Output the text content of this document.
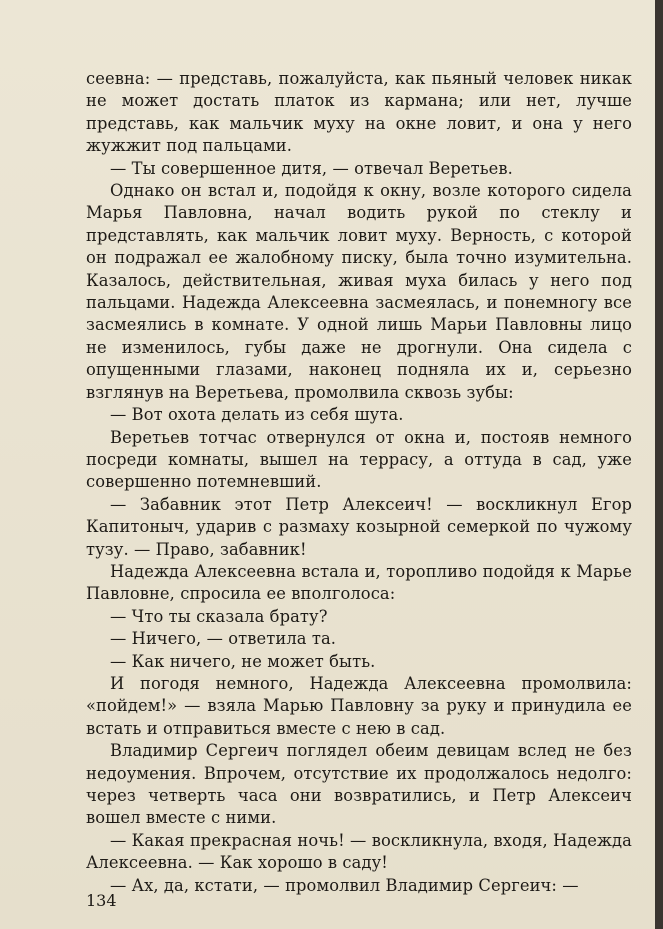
сеевна: — представь, пожалуйста, как пьяный человек никак не может достать платок из кармана; или нет, лучше представь, как мальчик муху на окне ловит, и она у него жужжит под пальцами.

— Ты совершенное дитя, — отвечал Веретьев.

Однако он встал и, подойдя к окну, возле которого сидела Марья Павловна, начал водить рукой по стеклу и представлять, как мальчик ловит муху. Верность, с которой он подражал ее жалобному писку, была точно изумительна. Казалось, действительная, живая муха билась у него под пальцами. Надежда Алексеевна засмеялась, и понемногу все засмеялись в комнате. У одной лишь Марьи Павловны лицо не изменилось, губы даже не дрогнули. Она сидела с опущенными глазами, наконец подняла их и, серьезно взглянув на Веретьева, промолвила сквозь зубы:

— Вот охота делать из себя шута.

Веретьев тотчас отвернулся от окна и, постояв немного посреди комнаты, вышел на террасу, а оттуда в сад, уже совершенно потемневший.

— Забавник этот Петр Алексеич! — воскликнул Егор Капитоныч, ударив с размаху козырной семеркой по чужому тузу. — Право, забавник!

Надежда Алексеевна встала и, торопливо подойдя к Марье Павловне, спросила ее вполголоса:

— Что ты сказала брату?

— Ничего, — ответила та.

— Как ничего, не может быть.

И погодя немного, Надежда Алексеевна промолвила: «пойдем!» — взяла Марью Павловну за руку и принудила ее встать и отправиться вместе с нею в сад.

Владимир Сергеич поглядел обеим девицам вслед не без недоумения. Впрочем, отсутствие их продолжалось недолго: через четверть часа они возвратились, и Петр Алексеич вошел вместе с ними.

— Какая прекрасная ночь! — воскликнула, входя, Надежда Алексеевна. — Как хорошо в саду!

— Ах, да, кстати, — промолвил Владимир Сергеич: —

134
